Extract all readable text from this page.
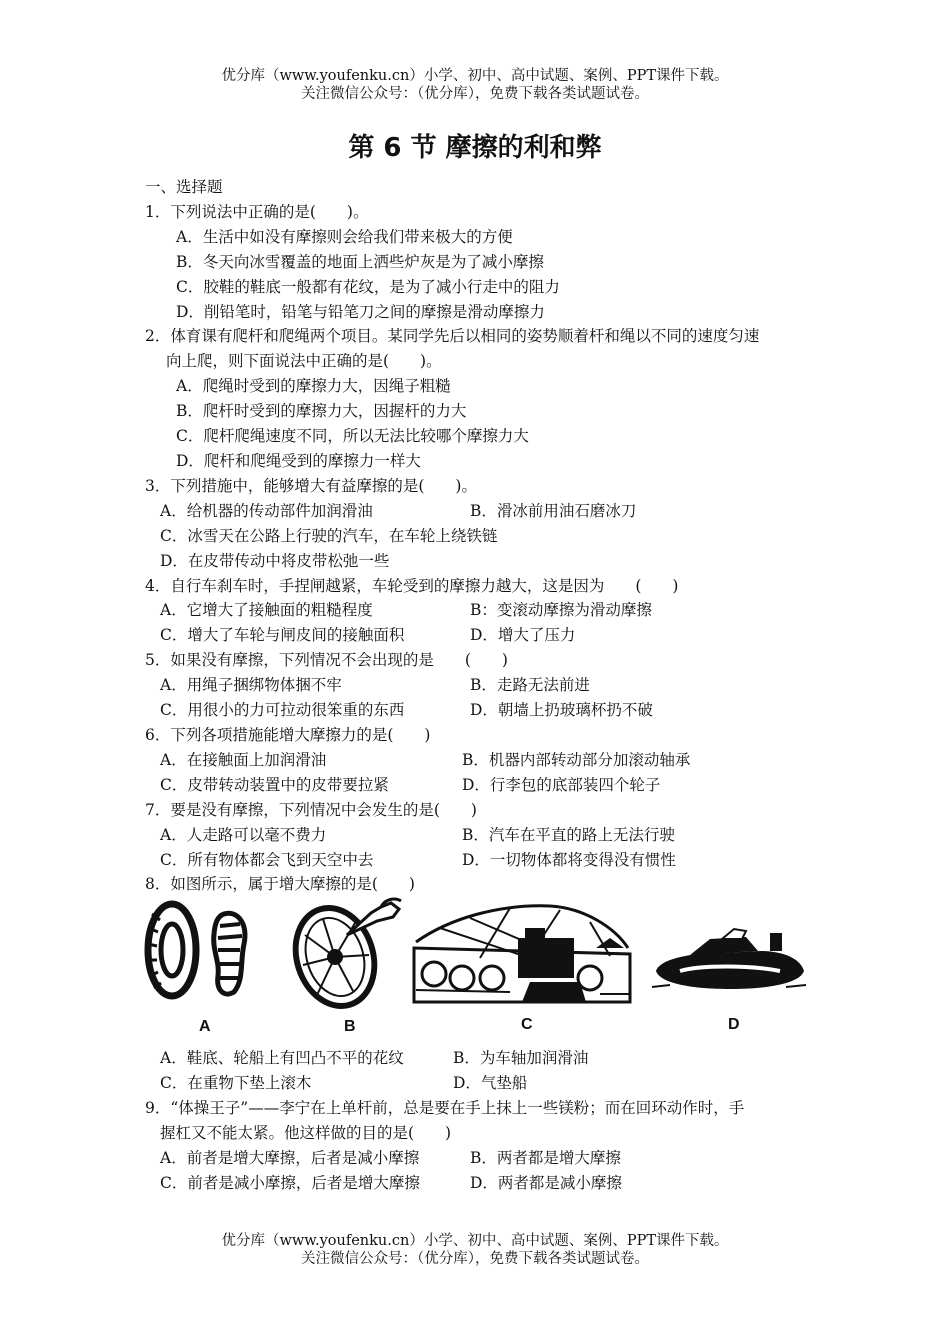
优分库（www.youfenku.cn）小学、初中、高中试题、案例、PPT课件下载。
关注微信公众号：（优分库），免费下载各类试题试卷。
第 6 节 摩擦的利和弊
一、选择题
1．下列说法中正确的是(　　)。
A．生活中如没有摩擦则会给我们带来极大的方便
B．冬天向冰雪覆盖的地面上洒些炉灰是为了减小摩擦
C．胶鞋的鞋底一般都有花纹，是为了减小行走中的阻力
D．削铅笔时，铅笔与铅笔刀之间的摩擦是滑动摩擦力
2．体育课有爬杆和爬绳两个项目。某同学先后以相同的姿势顺着杆和绳以不同的速度匀速
向上爬，则下面说法中正确的是(　　)。
A．爬绳时受到的摩擦力大，因绳子粗糙
B．爬杆时受到的摩擦力大，因握杆的力大
C．爬杆爬绳速度不同，所以无法比较哪个摩擦力大
D．爬杆和爬绳受到的摩擦力一样大
3．下列措施中，能够增大有益摩擦的是(　　)。
A．给机器的传动部件加润滑油	B．滑冰前用油石磨冰刀
C．冰雪天在公路上行驶的汽车，在车轮上绕铁链
D．在皮带传动中将皮带松弛一些
4．自行车刹车时，手捏闸越紧，车轮受到的摩擦力越大，这是因为　　(　　)
A．它增大了接触面的粗糙程度	B：变滚动摩擦为滑动摩擦
C．增大了车轮与闸皮间的接触面积	D．增大了压力
5．如果没有摩擦，下列情况不会出现的是　　(　　)
A．用绳子捆绑物体捆不牢	B．走路无法前进
C．用很小的力可拉动很笨重的东西	D．朝墙上扔玻璃杯扔不破
6．下列各项措施能增大摩擦力的是(　　)
A．在接触面上加润滑油	B．机器内部转动部分加滚动轴承
C．皮带转动装置中的皮带要拉紧	D．行李包的底部装四个轮子
7．要是没有摩擦，下列情况中会发生的是(　　)
A．人走路可以毫不费力	B．汽车在平直的路上无法行驶
C．所有物体都会飞到天空中去	D．一切物体都将变得没有惯性
8．如图所示，属于增大摩擦的是(　　)
A	B	C	D
A．鞋底、轮船上有凹凸不平的花纹	B．为车轴加润滑油
C．在重物下垫上滚木	D．气垫船
9．“体操王子”——李宁在上单杆前，总是要在手上抹上一些镁粉；而在回环动作时，手
握杠又不能太紧。他这样做的目的是(　　)
A．前者是增大摩擦，后者是减小摩擦	B．两者都是增大摩擦
C．前者是减小摩擦，后者是增大摩擦	D．两者都是减小摩擦
优分库（www.youfenku.cn）小学、初中、高中试题、案例、PPT课件下载。
关注微信公众号：（优分库），免费下载各类试题试卷。
